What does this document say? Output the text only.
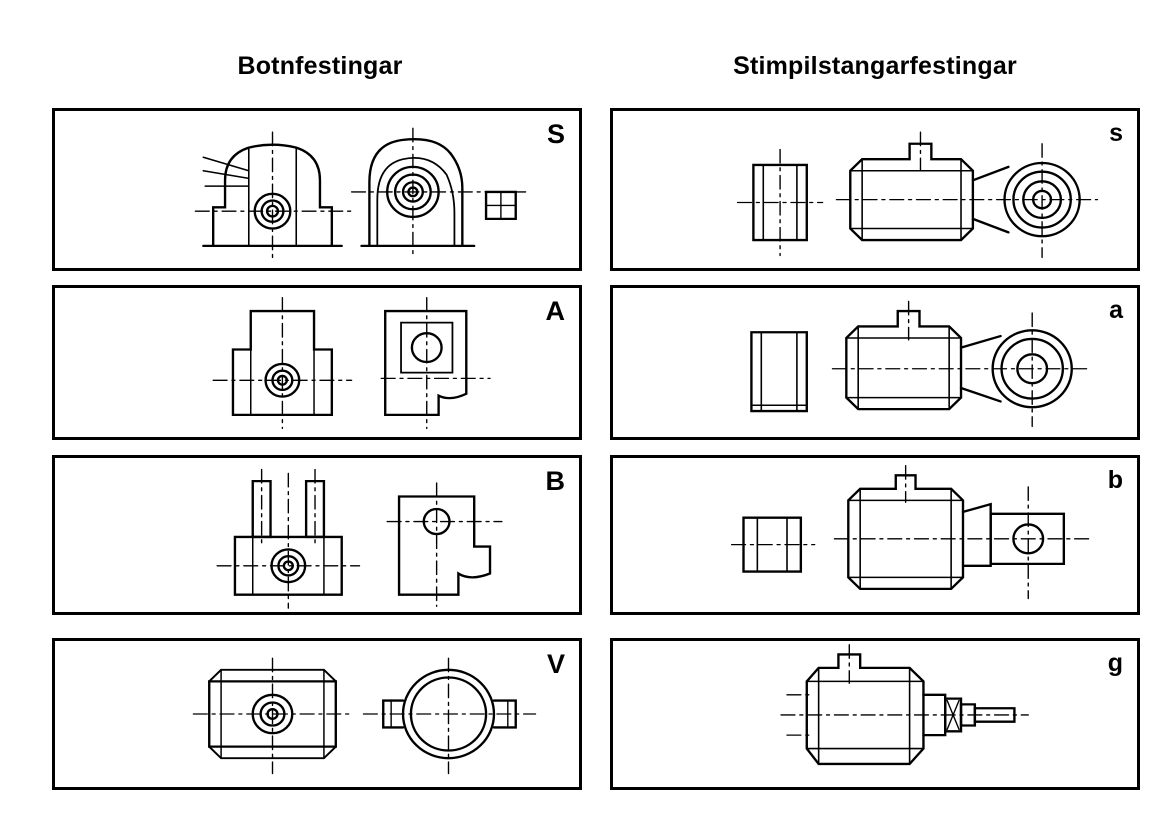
Botnfestingar	Stimpilstangarfestingar
S
A
B
V
s
a
b
g
